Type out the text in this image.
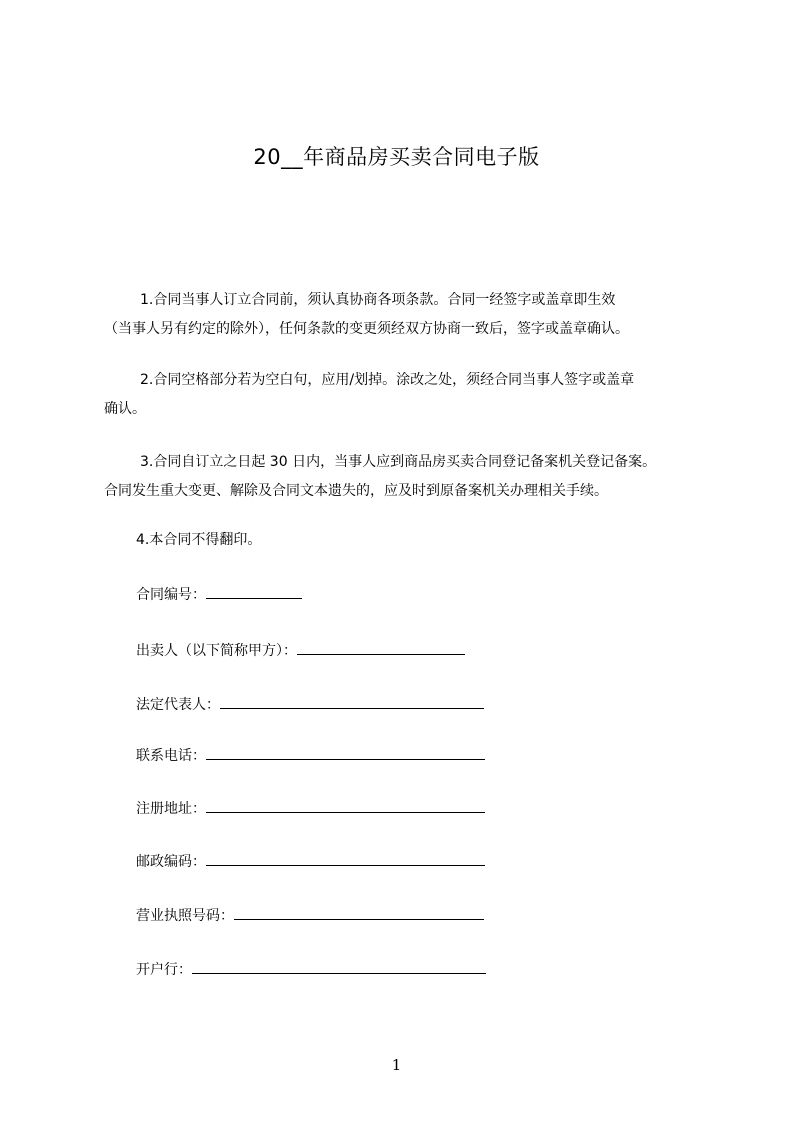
20__年商品房买卖合同电子版
1.合同当事人订立合同前，须认真协商各项条款。合同一经签字或盖章即生效
（当事人另有约定的除外），任何条款的变更须经双方协商一致后，签字或盖章确认。
2.合同空格部分若为空白句，应用/划掉。涂改之处，须经合同当事人签字或盖章
确认。
3.合同自订立之日起 30 日内，当事人应到商品房买卖合同登记备案机关登记备案。
合同发生重大变更、解除及合同文本遗失的，应及时到原备案机关办理相关手续。
4.本合同不得翻印。
合同编号：
出卖人（以下简称甲方）：
法定代表人：
联系电话：
注册地址：
邮政编码：
营业执照号码：
开户行：
1
